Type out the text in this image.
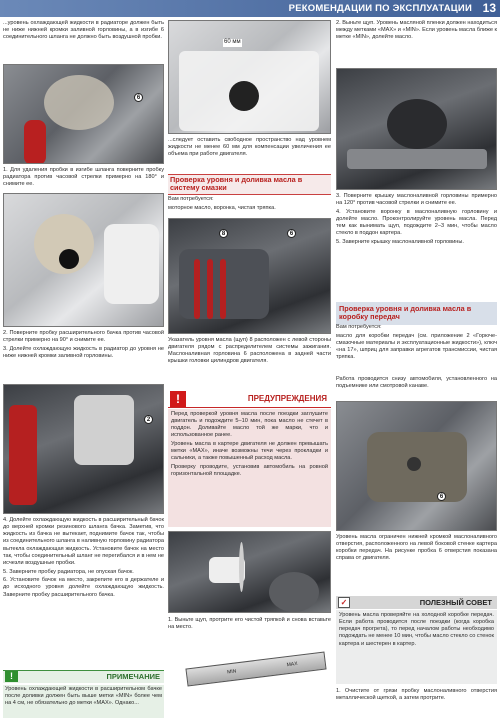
РЕКОМЕНДАЦИИ ПО ЭКСПЛУАТАЦИИ 13

...уровень охлаждающей жидкости в радиаторе должен быть не ниже нижней кромки заливной горловины, а в изгибе 6 соединительного шланга не должно быть воздушной пробки.

6

1. Для удаления пробки в изгибе шланга поверните пробку радиатора против часовой стрелки примерно на 180° и снимите ее.

2. Поверните пробку расширительного бачка против часовой стрелки примерно на 90° и снимите ее.

3. Долейте охлаждающую жидкость в радиатор до уровня не ниже нижней кромки заливной горловины.

2

4. Долейте охлаждающую жидкость в расширительный бачок до верхней кромки резинового шланга бачка. Заметив, что жидкость из бачка не вытекает, поднимите бачок так, чтобы из соединительного шланга в наливную горловину радиатора вытекла охлаждающая жидкость. Установите бачок на место так, чтобы соединительный шланг не перегибался и в нем не исчезли воздушные пробки.

5. Заверните пробку радиатора, не опуская бачок.

6. Установите бачок на место, закрепите его в держателе и до исходного уровня долейте охлаждающую жидкость. Заверните пробку расширительного бачка.

!	ПРИМЕЧАНИЕ

Уровень охлаждающей жидкости в расширительном бачке после доливки должен быть выше метки «MIN» более чем на 4 см, не обязательно до метки «MAX». Однако...

60 мм

...следует оставить свободное пространство над уровнем жидкости не менее 60 мм для компенсации увеличения ее объема при работе двигателя.

Проверка уровня и доливка масла в систему смазки

Вам потребуется:

моторное масло, воронка, чистая тряпка.

8	6

Указатель уровня масла (щуп) 8 расположен с левой стороны двигателя рядом с распределителем системы зажигания. Маслоналивная горловина 6 расположена в задней части крышки головки цилиндров двигателя.

!	ПРЕДУПРЕЖДЕНИЯ

Перед проверкой уровня масла после поездки заглушите двигатель и подождите 5–10 мин, пока масло не стечет в поддон. Доливайте масло той же марки, что и использованное ранее.

Уровень масла в картере двигателя не должен превышать метки «MAX», иначе возможны течи через прокладки и сальники, а также повышенный расход масла.

Проверку проводите, установив автомобиль на ровной горизонтальной площадке.

1. Выньте щуп, протрите его чистой тряпкой и снова вставьте на место.

MIN
MAX

2. Выньте щуп. Уровень масляной пленки должен находиться между метками «MAX» и «MIN». Если уровень масла ближе к метке «MIN», долейте масло.

3. Поверните крышку маслоналивной горловины примерно на 120° против часовой стрелки и снимите ее.

4. Установите воронку в маслоналивную горловину и долейте масло. Проконтролируйте уровень масла. Перед тем как вынимать щуп, подождите 2–3 мин, чтобы масло стекло в поддон картера.

5. Заверните крышку маслоналивной горловины.

Проверка уровня и доливка масла в коробку передач

Вам потребуется:

масло для коробки передач (см. приложение 2 «Горюче-смазочные материалы и эксплуатационные жидкости»), ключ «на 17», шприц для заправки агрегатов трансмиссии, чистая тряпка.

Работа проводится снизу автомобиля, установленного на подъемнике или смотровой канаве.

6

Уровень масла ограничен нижней кромкой маслоналивного отверстия, расположенного на левой боковой стенке картера коробки передач. На рисунке пробка 6 отверстия показана справа от двигателя.

✓	ПОЛЕЗНЫЙ СОВЕТ

Уровень масла проверяйте на холодной коробке передач. Если работа проводится после поездки (когда коробка передач прогрета), то перед началом работы необходимо подождать не менее 10 мин, чтобы масло стекло со стенок картера и шестерен в картер.

1. Очистите от грязи пробку маслоналивного отверстия металлической щеткой, а затем протрите.
